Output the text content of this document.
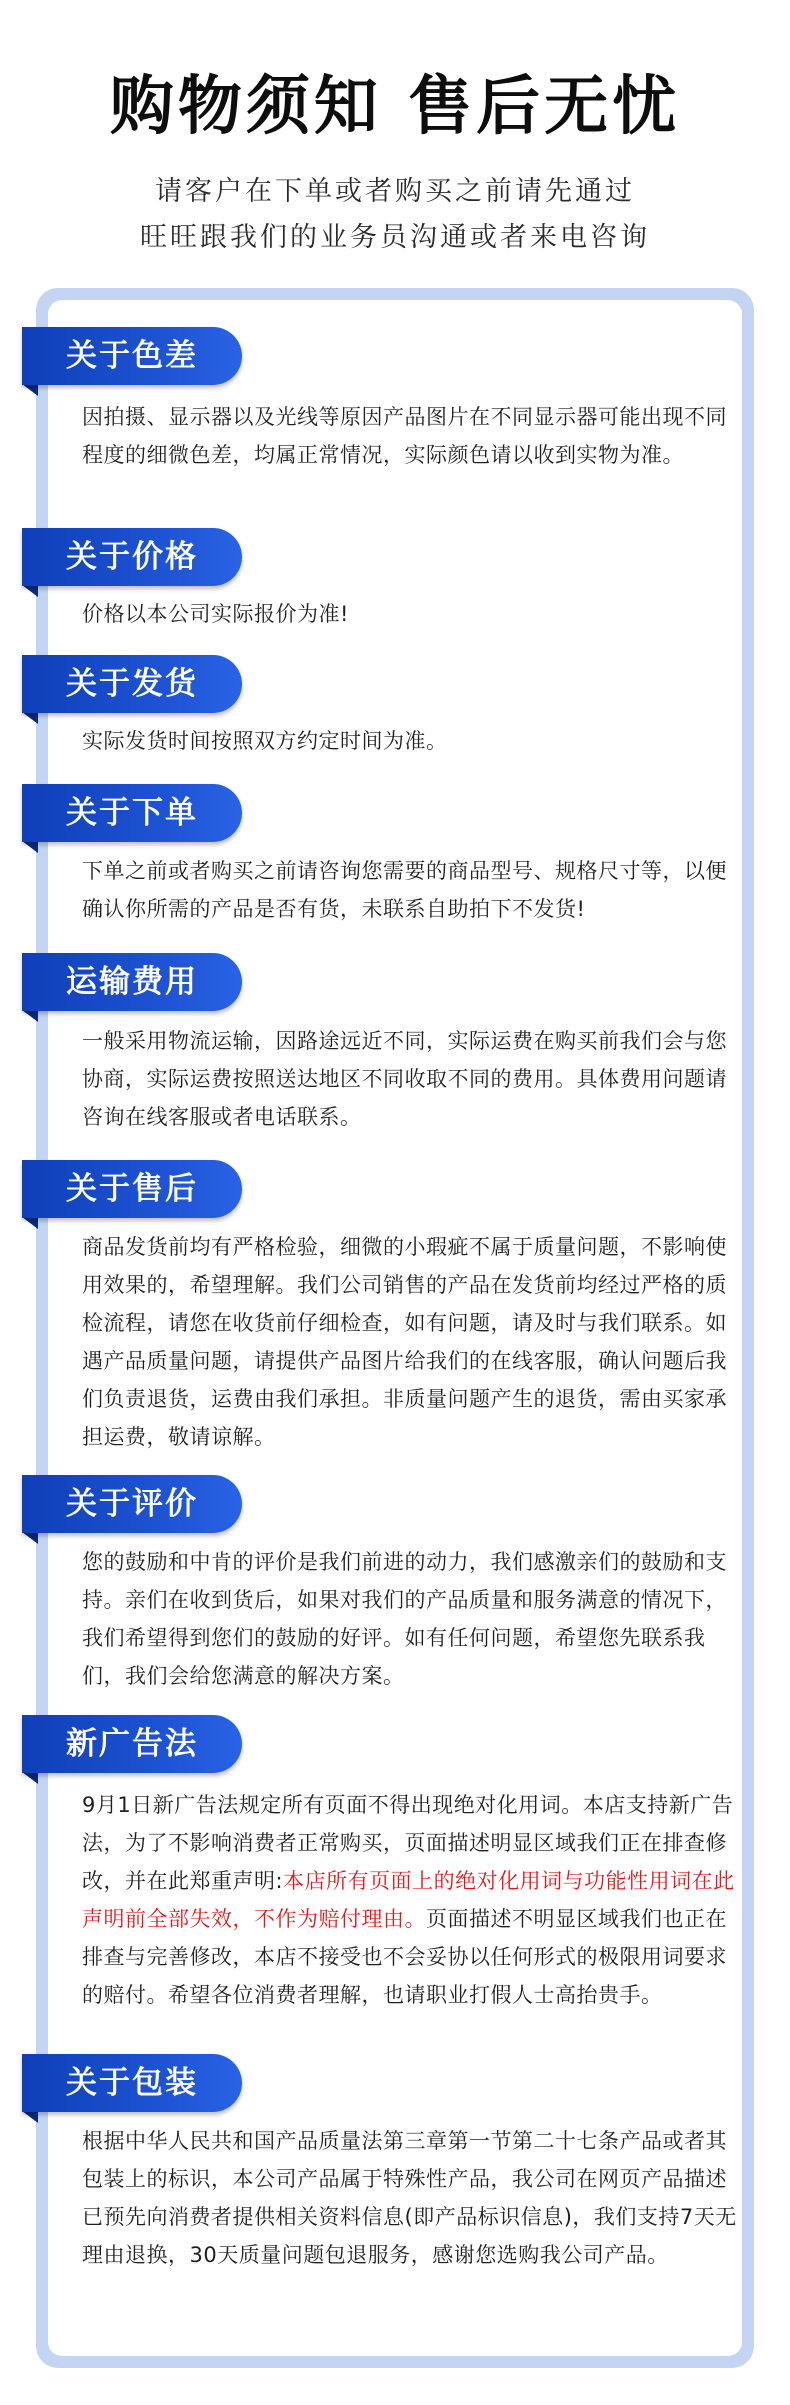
购物须知 售后无忧
请客户在下单或者购买之前请先通过
旺旺跟我们的业务员沟通或者来电咨询
关于色差
因拍摄、显示器以及光线等原因产品图片在不同显示器可能出现不同程度的细微色差，均属正常情况，实际颜色请以收到实物为准。
关于价格
价格以本公司实际报价为准!
关于发货
实际发货时间按照双方约定时间为准。
关于下单
下单之前或者购买之前请咨询您需要的商品型号、规格尺寸等，以便确认你所需的产品是否有货，未联系自助拍下不发货!
运输费用
一般采用物流运输，因路途远近不同，实际运费在购买前我们会与您协商，实际运费按照送达地区不同收取不同的费用。具体费用问题请咨询在线客服或者电话联系。
关于售后
商品发货前均有严格检验，细微的小瑕疵不属于质量问题，不影响使用效果的，希望理解。我们公司销售的产品在发货前均经过严格的质检流程，请您在收货前仔细检查，如有问题，请及时与我们联系。如遇产品质量问题，请提供产品图片给我们的在线客服，确认问题后我们负责退货，运费由我们承担。非质量问题产生的退货，需由买家承担运费，敬请谅解。
关于评价
您的鼓励和中肯的评价是我们前进的动力，我们感激亲们的鼓励和支持。亲们在收到货后，如果对我们的产品质量和服务满意的情况下，我们希望得到您们的鼓励的好评。如有任何问题，希望您先联系我们，我们会给您满意的解决方案。
新广告法
9月1日新广告法规定所有页面不得出现绝对化用词。本店支持新广告法，为了不影响消费者正常购买，页面描述明显区域我们正在排查修改，并在此郑重声明:本店所有页面上的绝对化用词与功能性用词在此声明前全部失效，不作为赔付理由。页面描述不明显区域我们也正在排查与完善修改，本店不接受也不会妥协以任何形式的极限用词要求的赔付。希望各位消费者理解，也请职业打假人士高抬贵手。
关于包装
根据中华人民共和国产品质量法第三章第一节第二十七条产品或者其包装上的标识，本公司产品属于特殊性产品，我公司在网页产品描述已预先向消费者提供相关资料信息(即产品标识信息)，我们支持7天无理由退换，30天质量问题包退服务，感谢您选购我公司产品。
